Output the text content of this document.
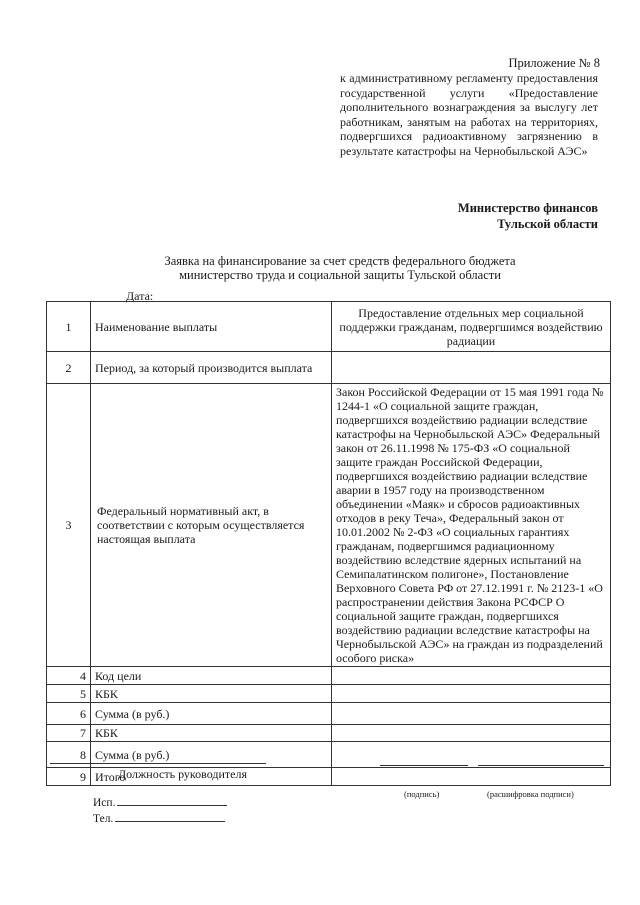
Приложение № 8
к административному регламенту предоставления государственной услуги «Предоставление дополнительного вознаграждения за выслугу лет работникам, занятым на работах на территориях, подвергшихся радиоактивному загрязнению в результате катастрофы на Чернобыльской АЭС»
Министерство финансов
Тульской области
Заявка на финансирование за счет средств федерального бюджета
министерство труда и социальной защиты Тульской области
Дата:
1	Наименование выплаты	Предоставление отдельных мер социальной поддержки гражданам, подвергшимся воздействию радиации
2	Период, за который производится выплата	
3	Федеральный нормативный акт, в соответствии с которым осуществляется настоящая выплата	Закон Российской Федерации от 15 мая 1991 года № 1244-1 «О социальной защите граждан, подвергшихся воздействию радиации вследствие катастрофы на Чернобыльской АЭС» Федеральный закон от 26.11.1998 № 175-ФЗ «О социальной защите граждан Российской Федерации, подвергшихся воздействию радиации вследствие аварии в 1957 году на производственном объединении «Маяк» и сбросов радиоактивных отходов в реку Теча», Федеральный закон от 10.01.2002 № 2-ФЗ «О социальных гарантиях гражданам, подвергшимся радиационному воздействию вследствие ядерных испытаний на Семипалатинском полигоне», Постановление Верховного Совета РФ от 27.12.1991 г. № 2123-1 «О распространении действия Закона РСФСР О социальной защите граждан, подвергшихся воздействию радиации вследствие катастрофы на Чернобыльской АЭС» на граждан из подразделений особого риска»
4	Код цели	
5	КБК	
6	Сумма (в руб.)	
7	КБК	
8	Сумма (в руб.)	
9	Итого	
Должность руководителя
(подпись)	(расшифровка подписи)
Исп.
Тел.
